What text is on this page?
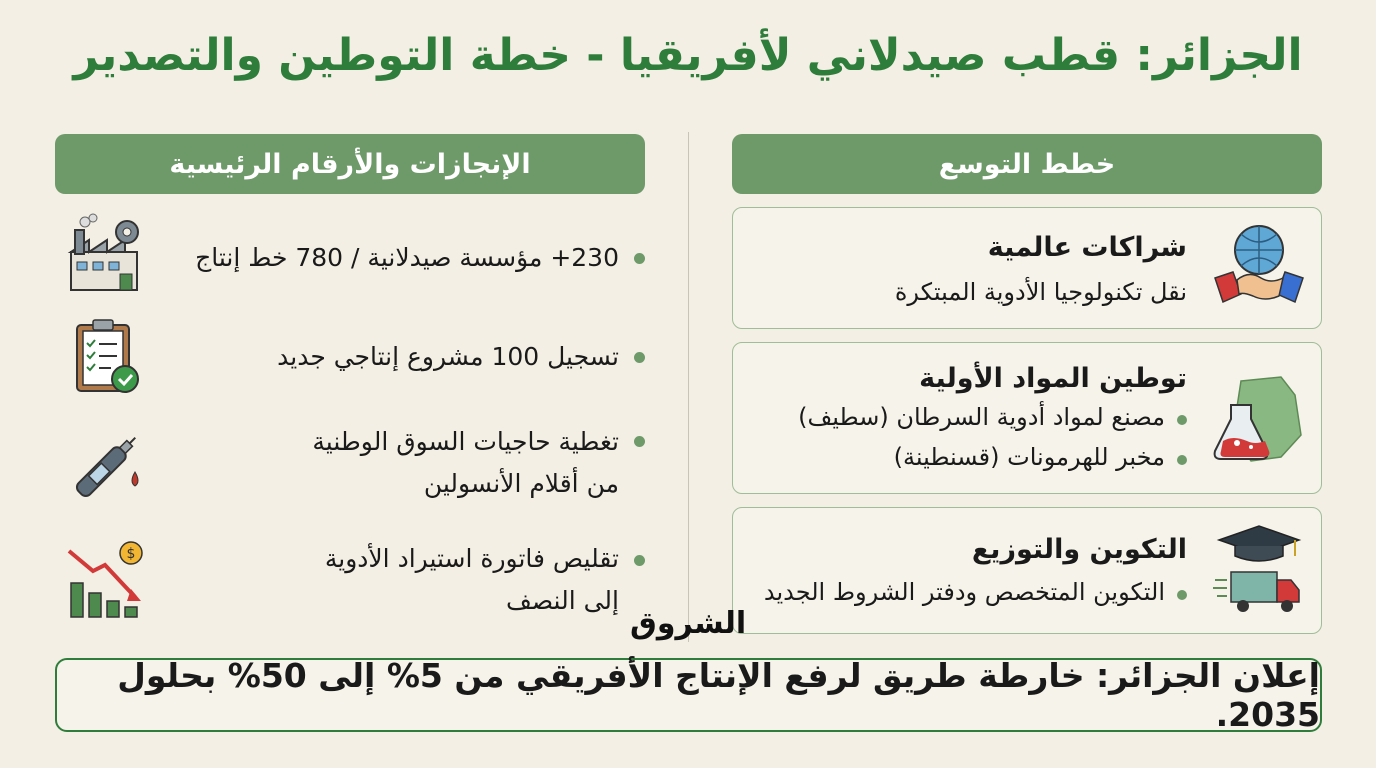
الجزائر: قطب صيدلاني لأفريقيا - خطة التوطين والتصدير
الإنجازات والأرقام الرئيسية	خطط التوسع
230+ مؤسسة صيدلانية / 780 خط إنتاج
تسجيل 100 مشروع إنتاجي جديد
تغطية حاجيات السوق الوطنية
من أقلام الأنسولين
تقليص فاتورة استيراد الأدوية
إلى النصف
$
شراكات عالمية
نقل تكنولوجيا الأدوية المبتكرة
توطين المواد الأولية
مصنع لمواد أدوية السرطان (سطيف)
مخبر للهرمونات (قسنطينة)
التكوين والتوزيع
التكوين المتخصص ودفتر الشروط الجديد
الشروق
إعلان الجزائر: خارطة طريق لرفع الإنتاج الأفريقي من 5% إلى 50% بحلول 2035.
